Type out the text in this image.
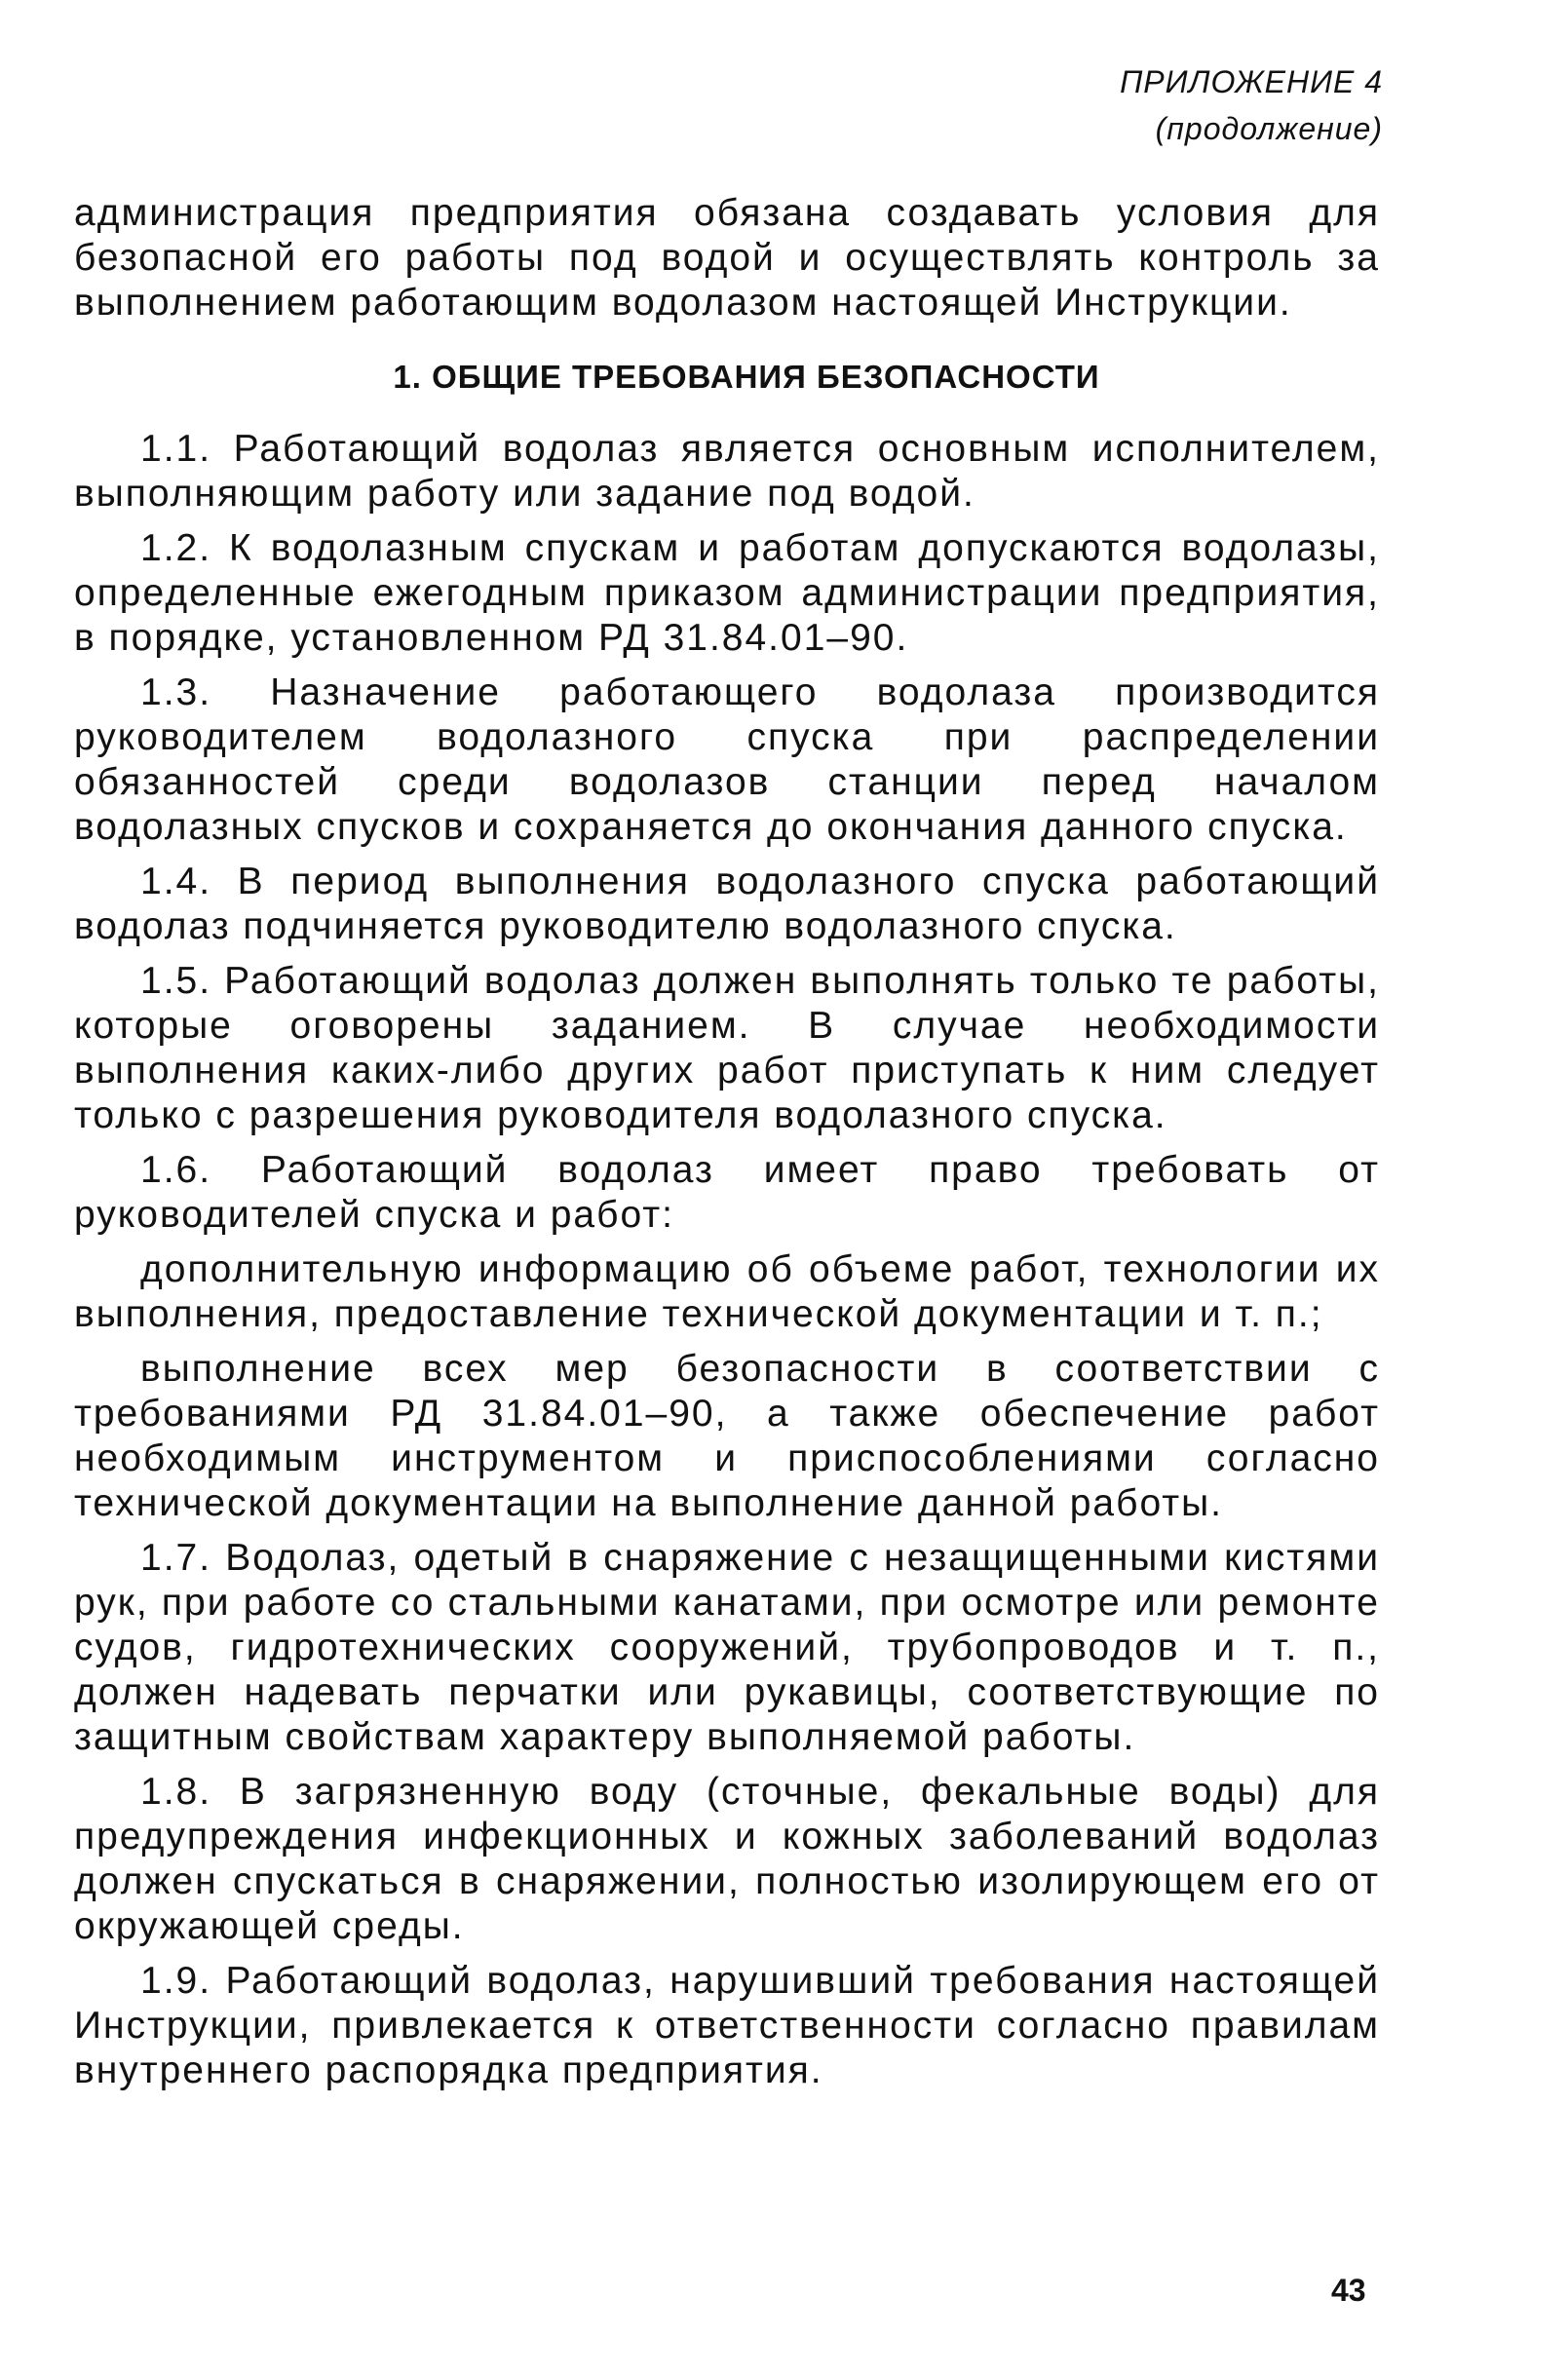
ПРИЛОЖЕНИЕ 4
(продолжение)

администрация предприятия обязана создавать условия для безопасной его работы под водой и осуществлять контроль за выполнением работающим водолазом настоящей Инструкции.

1. ОБЩИЕ ТРЕБОВАНИЯ БЕЗОПАСНОСТИ

1.1. Работающий водолаз является основным исполнителем, выполняющим работу или задание под водой.

1.2. К водолазным спускам и работам допускаются водолазы, определенные ежегодным приказом администрации предприятия, в порядке, установленном РД 31.84.01–90.

1.3. Назначение работающего водолаза производится руководителем водолазного спуска при распределении обязанностей среди водолазов станции перед началом водолазных спусков и сохраняется до окончания данного спуска.

1.4. В период выполнения водолазного спуска работающий водолаз подчиняется руководителю водолазного спуска.

1.5. Работающий водолаз должен выполнять только те работы, которые оговорены заданием. В случае необходимости выполнения каких-либо других работ приступать к ним следует только с разрешения руководителя водолазного спуска.

1.6. Работающий водолаз имеет право требовать от руководителей спуска и работ:

дополнительную информацию об объеме работ, технологии их выполнения, предоставление технической документации и т. п.;

выполнение всех мер безопасности в соответствии с требованиями РД 31.84.01–90, а также обеспечение работ необходимым инструментом и приспособлениями согласно технической документации на выполнение данной работы.

1.7. Водолаз, одетый в снаряжение с незащищенными кистями рук, при работе со стальными канатами, при осмотре или ремонте судов, гидротехнических сооружений, трубопроводов и т. п., должен надевать перчатки или рукавицы, соответствующие по защитным свойствам характеру выполняемой работы.

1.8. В загрязненную воду (сточные, фекальные воды) для предупреждения инфекционных и кожных заболеваний водолаз должен спускаться в снаряжении, полностью изолирующем его от окружающей среды.

1.9. Работающий водолаз, нарушивший требования настоящей Инструкции, привлекается к ответственности согласно правилам внутреннего распорядка предприятия.

43
